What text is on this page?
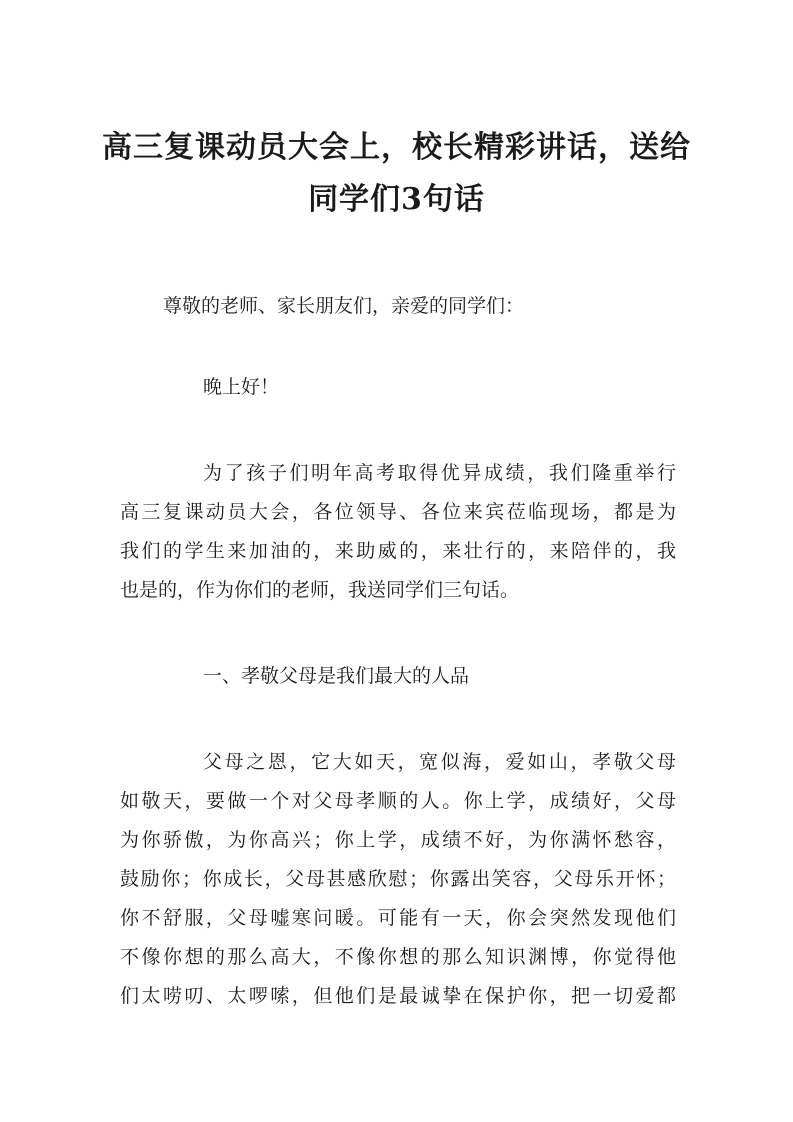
高三复课动员大会上，校长精彩讲话，送给
同学们3句话
尊敬的老师、家长朋友们，亲爱的同学们：
晚上好！
为了孩子们明年高考取得优异成绩，我们隆重举行
高三复课动员大会，各位领导、各位来宾莅临现场，都是为
我们的学生来加油的，来助威的，来壮行的，来陪伴的，我
也是的，作为你们的老师，我送同学们三句话。
一、孝敬父母是我们最大的人品
父母之恩，它大如天，宽似海，爱如山，孝敬父母
如敬天，要做一个对父母孝顺的人。你上学，成绩好，父母
为你骄傲，为你高兴；你上学，成绩不好，为你满怀愁容，
鼓励你；你成长，父母甚感欣慰；你露出笑容，父母乐开怀；
你不舒服，父母嘘寒问暖。可能有一天，你会突然发现他们
不像你想的那么高大，不像你想的那么知识渊博，你觉得他
们太唠叨、太啰嗦，但他们是最诚挚在保护你，把一切爱都
